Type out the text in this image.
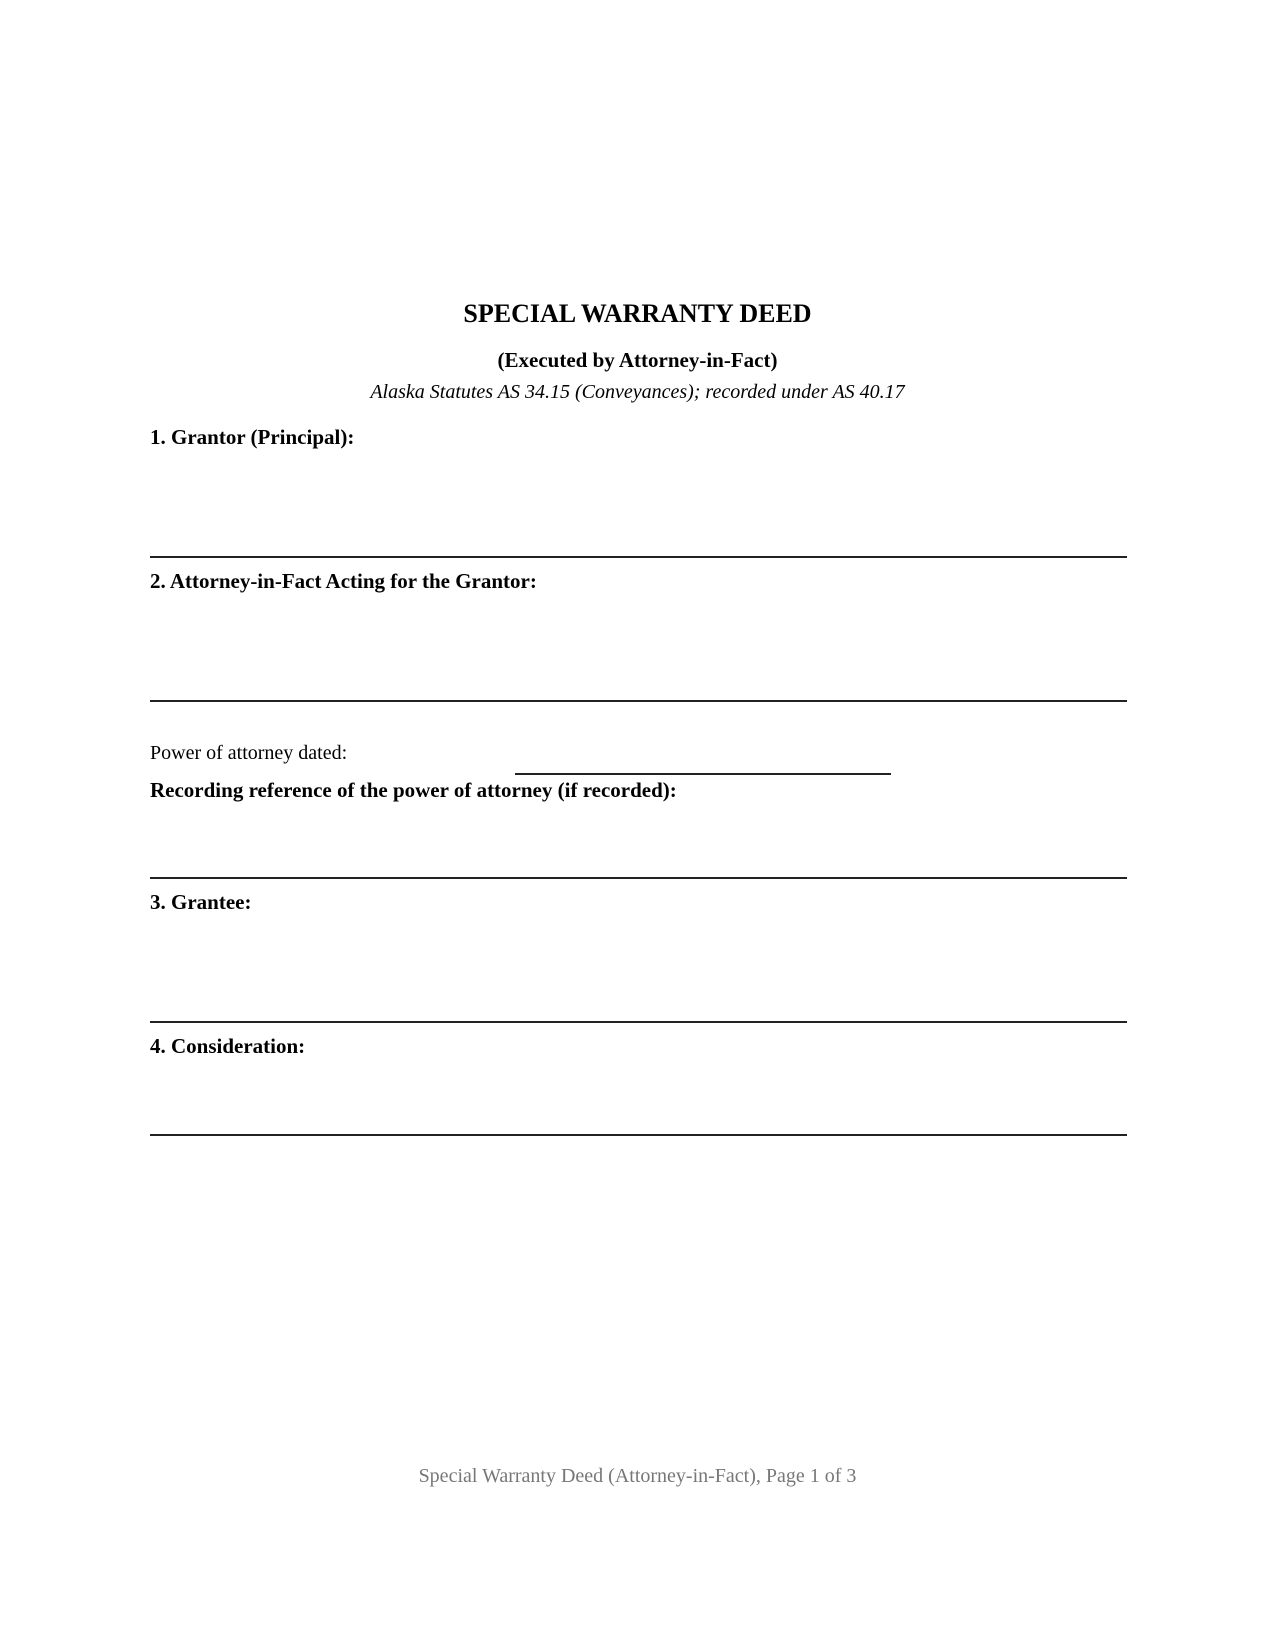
SPECIAL WARRANTY DEED
(Executed by Attorney-in-Fact)
Alaska Statutes AS 34.15 (Conveyances); recorded under AS 40.17
1. Grantor (Principal):
2. Attorney-in-Fact Acting for the Grantor:
Power of attorney dated:
Recording reference of the power of attorney (if recorded):
3. Grantee:
4. Consideration:
Special Warranty Deed (Attorney-in-Fact), Page 1 of 3
